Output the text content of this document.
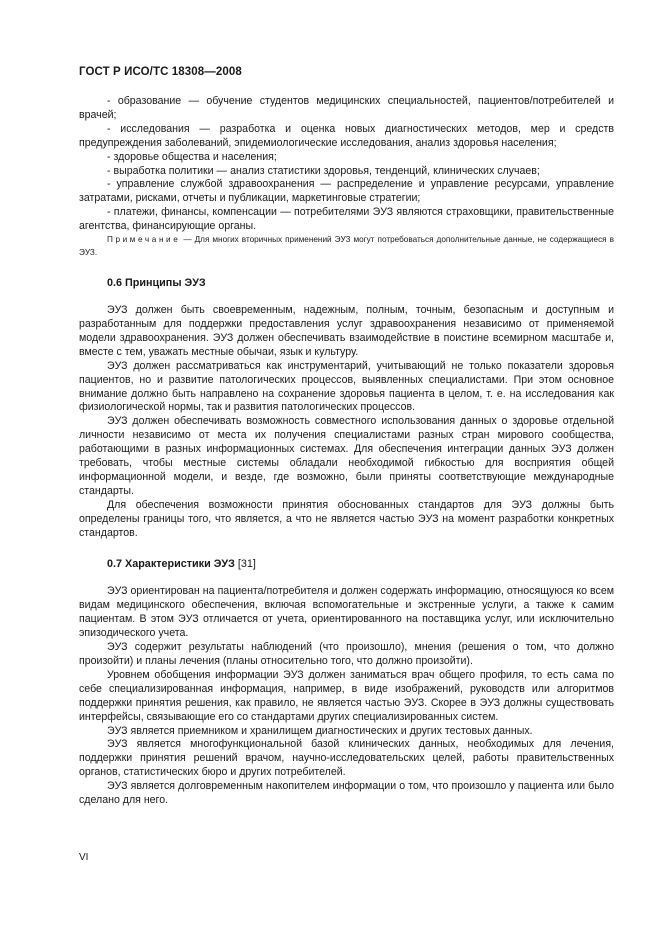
ГОСТ Р ИСО/ТС 18308—2008

- образование — обучение студентов медицинских специальностей, пациентов/потребителей и врачей;

- исследования — разработка и оценка новых диагностических методов, мер и средств предупреждения заболеваний, эпидемиологические исследования, анализ здоровья населения;

- здоровье общества и населения;

- выработка политики — анализ статистики здоровья, тенденций, клинических случаев;

- управление службой здравоохранения — распределение и управление ресурсами, управление затратами, рисками, отчеты и публикации, маркетинговые стратегии;

- платежи, финансы, компенсации — потребителями ЭУЗ являются страховщики, правительственные агентства, финансирующие органы.

Примечание — Для многих вторичных применений ЭУЗ могут потребоваться дополнительные данные, не содержащиеся в ЭУЗ.

0.6 Принципы ЭУЗ

ЭУЗ должен быть своевременным, надежным, полным, точным, безопасным и доступным и разработанным для поддержки предоставления услуг здравоохранения независимо от применяемой модели здравоохранения. ЭУЗ должен обеспечивать взаимодействие в поистине всемирном масштабе и, вместе с тем, уважать местные обычаи, язык и культуру.

ЭУЗ должен рассматриваться как инструментарий, учитывающий не только показатели здоровья пациентов, но и развитие патологических процессов, выявленных специалистами. При этом основное внимание должно быть направлено на сохранение здоровья пациента в целом, т. е. на исследования как физиологической нормы, так и развития патологических процессов.

ЭУЗ должен обеспечивать возможность совместного использования данных о здоровье отдельной личности независимо от места их получения специалистами разных стран мирового сообщества, работающими в разных информационных системах. Для обеспечения интеграции данных ЭУЗ должен требовать, чтобы местные системы обладали необходимой гибкостью для восприятия общей информационной модели, и везде, где возможно, были приняты соответствующие международные стандарты.

Для обеспечения возможности принятия обоснованных стандартов для ЭУЗ должны быть определены границы того, что является, а что не является частью ЭУЗ на момент разработки конкретных стандартов.

0.7 Характеристики ЭУЗ [31]

ЭУЗ ориентирован на пациента/потребителя и должен содержать информацию, относящуюся ко всем видам медицинского обеспечения, включая вспомогательные и экстренные услуги, а также к самим пациентам. В этом ЭУЗ отличается от учета, ориентированного на поставщика услуг, или исключительно эпизодического учета.

ЭУЗ содержит результаты наблюдений (что произошло), мнения (решения о том, что должно произойти) и планы лечения (планы относительно того, что должно произойти).

Уровнем обобщения информации ЭУЗ должен заниматься врач общего профиля, то есть сама по себе специализированная информация, например, в виде изображений, руководств или алгоритмов поддержки принятия решения, как правило, не является частью ЭУЗ. Скорее в ЭУЗ должны существовать интерфейсы, связывающие его со стандартами других специализированных систем.

ЭУЗ является приемником и хранилищем диагностических и других тестовых данных.

ЭУЗ является многофункциональной базой клинических данных, необходимых для лечения, поддержки принятия решений врачом, научно-исследовательских целей, работы правительственных органов, статистических бюро и других потребителей.

ЭУЗ является долговременным накопителем информации о том, что произошло у пациента или было сделано для него.

VI
